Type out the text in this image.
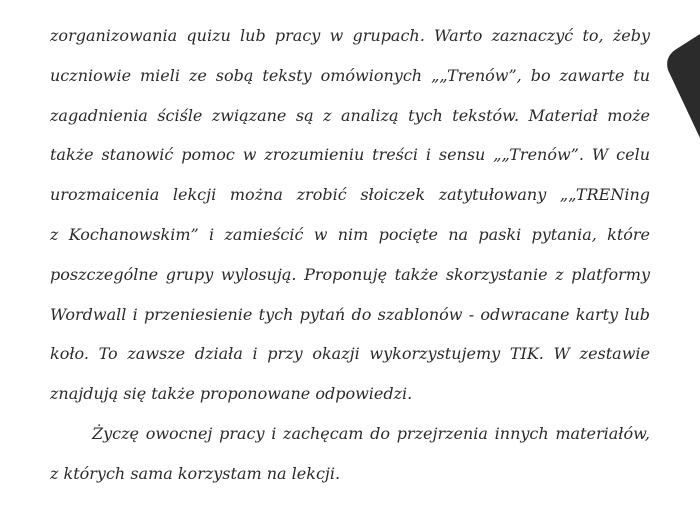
zorganizowania quizu lub pracy w grupach. Warto zaznaczyć to, żeby
uczniowie mieli ze sobą teksty omówionych „„Trenów”, bo zawarte tu
zagadnienia ściśle związane są z analizą tych tekstów. Materiał może
także stanowić pomoc w zrozumieniu treści i sensu „„Trenów”. W celu
urozmaicenia lekcji można zrobić słoiczek zatytułowany „„TRENing
z Kochanowskim” i zamieścić w nim pocięte na paski pytania, które
poszczególne grupy wylosują. Proponuję także skorzystanie z platformy
Wordwall i przeniesienie tych pytań do szablonów - odwracane karty lub
koło. To zawsze działa i przy okazji wykorzystujemy TIK. W zestawie
znajdują się także proponowane odpowiedzi.
Życzę owocnej pracy i zachęcam do przejrzenia innych materiałów,
z których sama korzystam na lekcji.
